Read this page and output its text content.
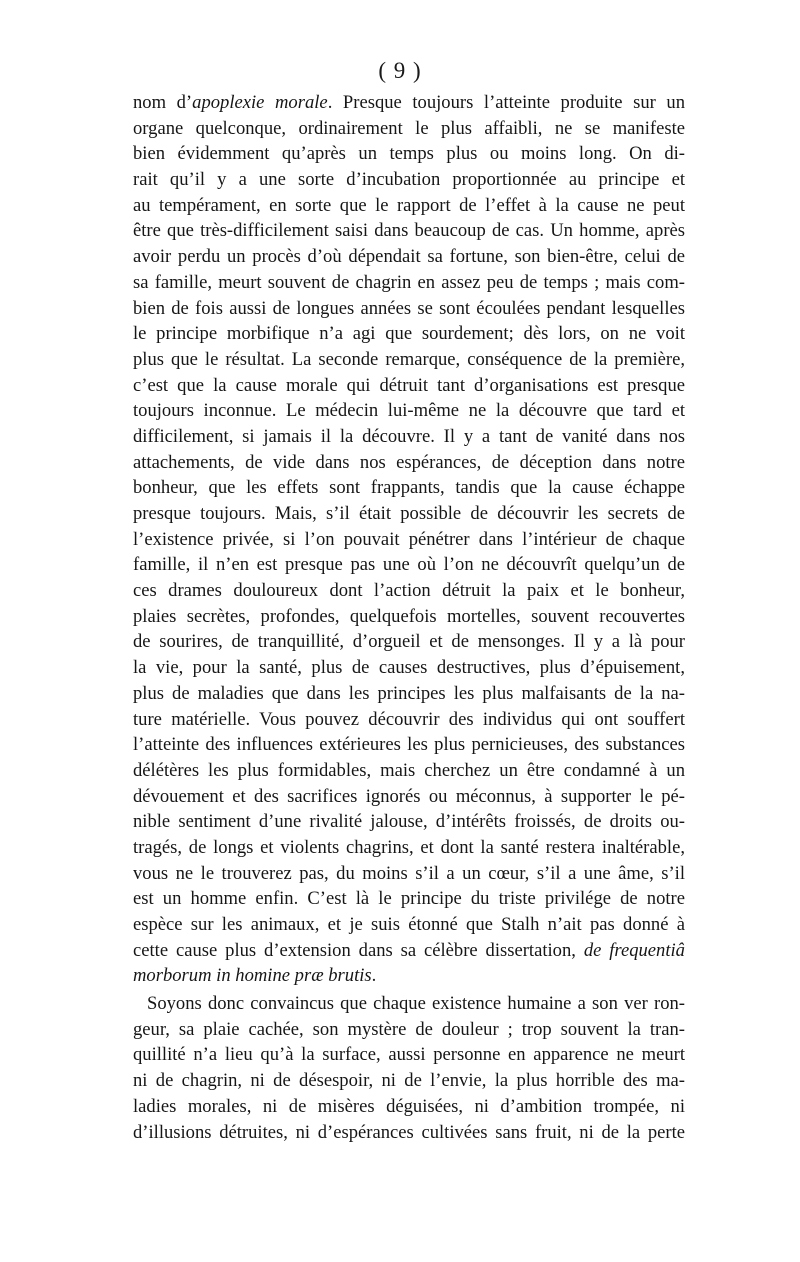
( 9 )
nom d’apoplexie morale. Presque toujours l’atteinte produite sur un
organe quelconque, ordinairement le plus affaibli, ne se manifeste
bien évidemment qu’après un temps plus ou moins long. On di-
rait qu’il y a une sorte d’incubation proportionnée au principe et
au tempérament, en sorte que le rapport de l’effet à la cause ne peut
être que très-difficilement saisi dans beaucoup de cas. Un homme, après
avoir perdu un procès d’où dépendait sa fortune, son bien-être, celui de
sa famille, meurt souvent de chagrin en assez peu de temps ; mais com-
bien de fois aussi de longues années se sont écoulées pendant lesquelles
le principe morbifique n’a agi que sourdement; dès lors, on ne voit
plus que le résultat. La seconde remarque, conséquence de la première,
c’est que la cause morale qui détruit tant d’organisations est presque
toujours inconnue. Le médecin lui-même ne la découvre que tard et
difficilement, si jamais il la découvre. Il y a tant de vanité dans nos
attachements, de vide dans nos espérances, de déception dans notre
bonheur, que les effets sont frappants, tandis que la cause échappe
presque toujours. Mais, s’il était possible de découvrir les secrets de
l’existence privée, si l’on pouvait pénétrer dans l’intérieur de chaque
famille, il n’en est presque pas une où l’on ne découvrît quelqu’un de
ces drames douloureux dont l’action détruit la paix et le bonheur,
plaies secrètes, profondes, quelquefois mortelles, souvent recouvertes
de sourires, de tranquillité, d’orgueil et de mensonges. Il y a là pour
la vie, pour la santé, plus de causes destructives, plus d’épuisement,
plus de maladies que dans les principes les plus malfaisants de la na-
ture matérielle. Vous pouvez découvrir des individus qui ont souffert
l’atteinte des influences extérieures les plus pernicieuses, des substances
délétères les plus formidables, mais cherchez un être condamné à un
dévouement et des sacrifices ignorés ou méconnus, à supporter le pé-
nible sentiment d’une rivalité jalouse, d’intérêts froissés, de droits ou-
tragés, de longs et violents chagrins, et dont la santé restera inaltérable,
vous ne le trouverez pas, du moins s’il a un cœur, s’il a une âme, s’il
est un homme enfin. C’est là le principe du triste privilége de notre
espèce sur les animaux, et je suis étonné que Stalh n’ait pas donné à
cette cause plus d’extension dans sa célèbre dissertation, de frequentiâ
morborum in homine præ brutis.
Soyons donc convaincus que chaque existence humaine a son ver ron-
geur, sa plaie cachée, son mystère de douleur ; trop souvent la tran-
quillité n’a lieu qu’à la surface, aussi personne en apparence ne meurt
ni de chagrin, ni de désespoir, ni de l’envie, la plus horrible des ma-
ladies morales, ni de misères déguisées, ni d’ambition trompée, ni
d’illusions détruites, ni d’espérances cultivées sans fruit, ni de la perte
